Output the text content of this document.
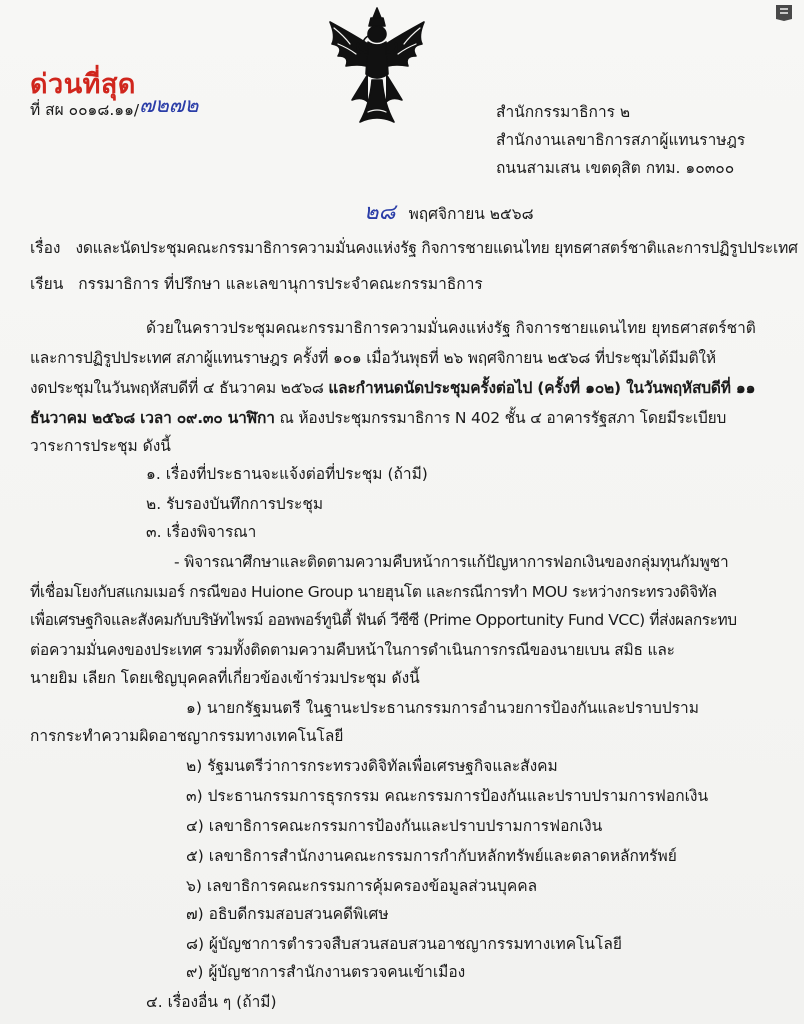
ด่วนที่สุด
ที่ สผ ๐๐๑๘.๑๑/๗๒๗๒	สำนักกรรมาธิการ ๒
สำนักงานเลขาธิการสภาผู้แทนราษฎร
ถนนสามเสน เขตดุสิต กทม. ๑๐๓๐๐
๒๘ พฤศจิกายน ๒๕๖๘
เรื่อง งดและนัดประชุมคณะกรรมาธิการความมั่นคงแห่งรัฐ กิจการชายแดนไทย ยุทธศาสตร์ชาติและการปฏิรูปประเทศ
เรียน กรรมาธิการ ที่ปรึกษา และเลขานุการประจำคณะกรรมาธิการ
ด้วยในคราวประชุมคณะกรรมาธิการความมั่นคงแห่งรัฐ กิจการชายแดนไทย ยุทธศาสตร์ชาติ
และการปฏิรูปประเทศ สภาผู้แทนราษฎร ครั้งที่ ๑๐๑ เมื่อวันพุธที่ ๒๖ พฤศจิกายน ๒๕๖๘ ที่ประชุมได้มีมติให้
งดประชุมในวันพฤหัสบดีที่ ๔ ธันวาคม ๒๕๖๘ และกำหนดนัดประชุมครั้งต่อไป (ครั้งที่ ๑๐๒) ในวันพฤหัสบดีที่ ๑๑
ธันวาคม ๒๕๖๘ เวลา ๐๙.๓๐ นาฬิกา ณ ห้องประชุมกรรมาธิการ N 402 ชั้น ๔ อาคารรัฐสภา โดยมีระเบียบ
วาระการประชุม ดังนี้
๑. เรื่องที่ประธานจะแจ้งต่อที่ประชุม (ถ้ามี)
๒. รับรองบันทึกการประชุม
๓. เรื่องพิจารณา
- พิจารณาศึกษาและติดตามความคืบหน้าการแก้ปัญหาการฟอกเงินของกลุ่มทุนกัมพูชา
ที่เชื่อมโยงกับสแกมเมอร์ กรณีของ Huione Group นายฮุนโต และกรณีการทำ MOU ระหว่างกระทรวงดิจิทัล
เพื่อเศรษฐกิจและสังคมกับบริษัทไพรม์ ออพพอร์ทูนิตี้ ฟันด์ วีซีซี (Prime Opportunity Fund VCC) ที่ส่งผลกระทบ
ต่อความมั่นคงของประเทศ รวมทั้งติดตามความคืบหน้าในการดำเนินการกรณีของนายเบน สมิธ และ
นายยิม เลียก โดยเชิญบุคคลที่เกี่ยวข้องเข้าร่วมประชุม ดังนี้
๑) นายกรัฐมนตรี ในฐานะประธานกรรมการอำนวยการป้องกันและปราบปราม
การกระทำความผิดอาชญากรรมทางเทคโนโลยี
๒) รัฐมนตรีว่าการกระทรวงดิจิทัลเพื่อเศรษฐกิจและสังคม
๓) ประธานกรรมการธุรกรรม คณะกรรมการป้องกันและปราบปรามการฟอกเงิน
๔) เลขาธิการคณะกรรมการป้องกันและปราบปรามการฟอกเงิน
๕) เลขาธิการสำนักงานคณะกรรมการกำกับหลักทรัพย์และตลาดหลักทรัพย์
๖) เลขาธิการคณะกรรมการคุ้มครองข้อมูลส่วนบุคคล
๗) อธิบดีกรมสอบสวนคดีพิเศษ
๘) ผู้บัญชาการตำรวจสืบสวนสอบสวนอาชญากรรมทางเทคโนโลยี
๙) ผู้บัญชาการสำนักงานตรวจคนเข้าเมือง
๔. เรื่องอื่น ๆ (ถ้ามี)
